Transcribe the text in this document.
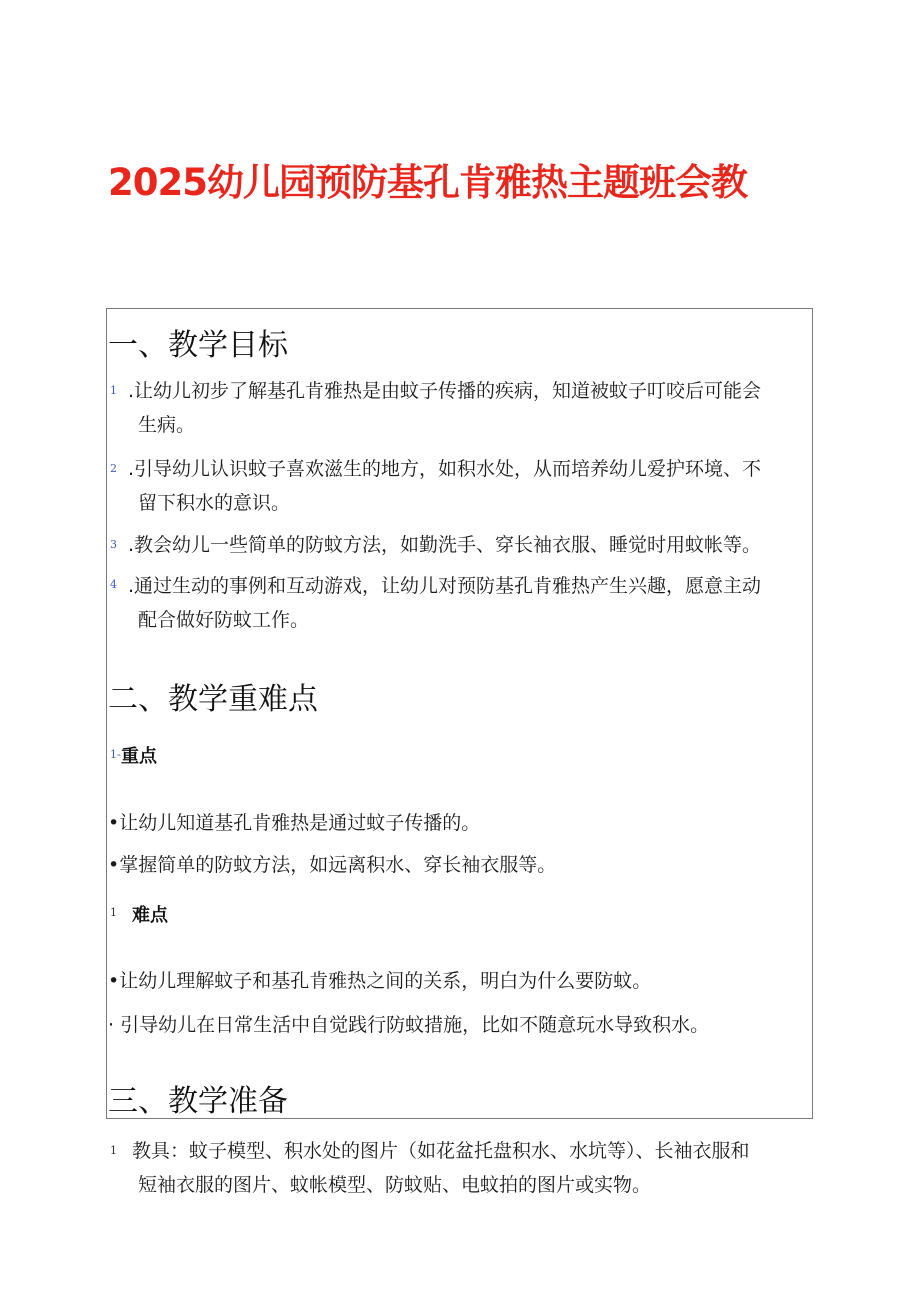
2025幼儿园预防基孔肯雅热主题班会教
一、教学目标
1 .让幼儿初步了解基孔肯雅热是由蚊子传播的疾病，知道被蚊子叮咬后可能会
生病。
2 .引导幼儿认识蚊子喜欢滋生的地方，如积水处，从而培养幼儿爱护环境、不
留下积水的意识。
3 .教会幼儿一些简单的防蚊方法，如勤洗手、穿长袖衣服、睡觉时用蚊帐等。
4 .通过生动的事例和互动游戏，让幼儿对预防基孔肯雅热产生兴趣，愿意主动
配合做好防蚊工作。
二、教学重难点
1- 重点
•让幼儿知道基孔肯雅热是通过蚊子传播的。
•掌握简单的防蚊方法，如远离积水、穿长袖衣服等。
1 难点
•让幼儿理解蚊子和基孔肯雅热之间的关系，明白为什么要防蚊。
· 引导幼儿在日常生活中自觉践行防蚊措施，比如不随意玩水导致积水。
三、教学准备
1 教具：蚊子模型、积水处的图片（如花盆托盘积水、水坑等）、长袖衣服和
短袖衣服的图片、蚊帐模型、防蚊贴、电蚊拍的图片或实物。
